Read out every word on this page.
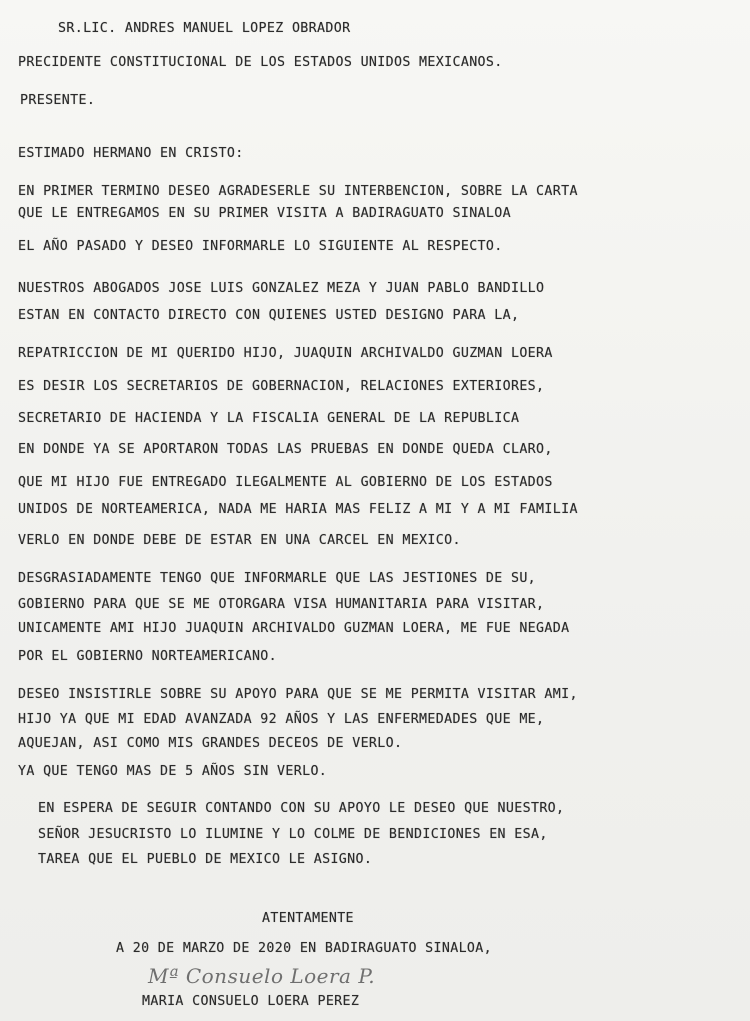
SR.LIC. ANDRES MANUEL LOPEZ OBRADOR
PRECIDENTE CONSTITUCIONAL DE LOS ESTADOS UNIDOS MEXICANOS.
PRESENTE.
ESTIMADO HERMANO EN CRISTO:
EN PRIMER TERMINO DESEO AGRADESERLE SU INTERBENCION, SOBRE LA CARTA
QUE LE ENTREGAMOS EN SU PRIMER VISITA A BADIRAGUATO SINALOA
EL AÑO PASADO Y DESEO INFORMARLE LO SIGUIENTE AL RESPECTO.
NUESTROS ABOGADOS JOSE LUIS GONZALEZ MEZA Y JUAN PABLO BANDILLO
ESTAN EN CONTACTO DIRECTO CON QUIENES USTED DESIGNO PARA LA,
REPATRICCION DE MI QUERIDO HIJO, JUAQUIN ARCHIVALDO GUZMAN LOERA
ES DESIR LOS SECRETARIOS DE GOBERNACION, RELACIONES EXTERIORES,
SECRETARIO DE HACIENDA Y LA FISCALIA GENERAL DE LA REPUBLICA
EN DONDE YA SE APORTARON TODAS LAS PRUEBAS EN DONDE QUEDA CLARO,
QUE MI HIJO FUE ENTREGADO ILEGALMENTE AL GOBIERNO DE LOS ESTADOS
UNIDOS DE NORTEAMERICA, NADA ME HARIA MAS FELIZ A MI Y A MI FAMILIA
VERLO EN DONDE DEBE DE ESTAR EN UNA CARCEL EN MEXICO.
DESGRASIADAMENTE TENGO QUE INFORMARLE QUE LAS JESTIONES DE SU,
GOBIERNO PARA QUE SE ME OTORGARA VISA HUMANITARIA PARA VISITAR,
UNICAMENTE AMI HIJO JUAQUIN ARCHIVALDO GUZMAN LOERA, ME FUE NEGADA
POR EL GOBIERNO NORTEAMERICANO.
DESEO INSISTIRLE SOBRE SU APOYO PARA QUE SE ME PERMITA VISITAR AMI,
HIJO YA QUE MI EDAD AVANZADA 92 AÑOS Y LAS ENFERMEDADES QUE ME,
AQUEJAN, ASI COMO MIS GRANDES DECEOS DE VERLO.
YA QUE TENGO MAS DE 5 AÑOS SIN VERLO.
EN ESPERA DE SEGUIR CONTANDO CON SU APOYO LE DESEO QUE NUESTRO,
SEÑOR JESUCRISTO LO ILUMINE Y LO COLME DE BENDICIONES EN ESA,
TAREA QUE EL PUEBLO DE MEXICO LE ASIGNO.
ATENTAMENTE
A 20 DE MARZO DE 2020 EN BADIRAGUATO SINALOA,
Mª Consuelo Loera P.
MARIA CONSUELO LOERA PEREZ
